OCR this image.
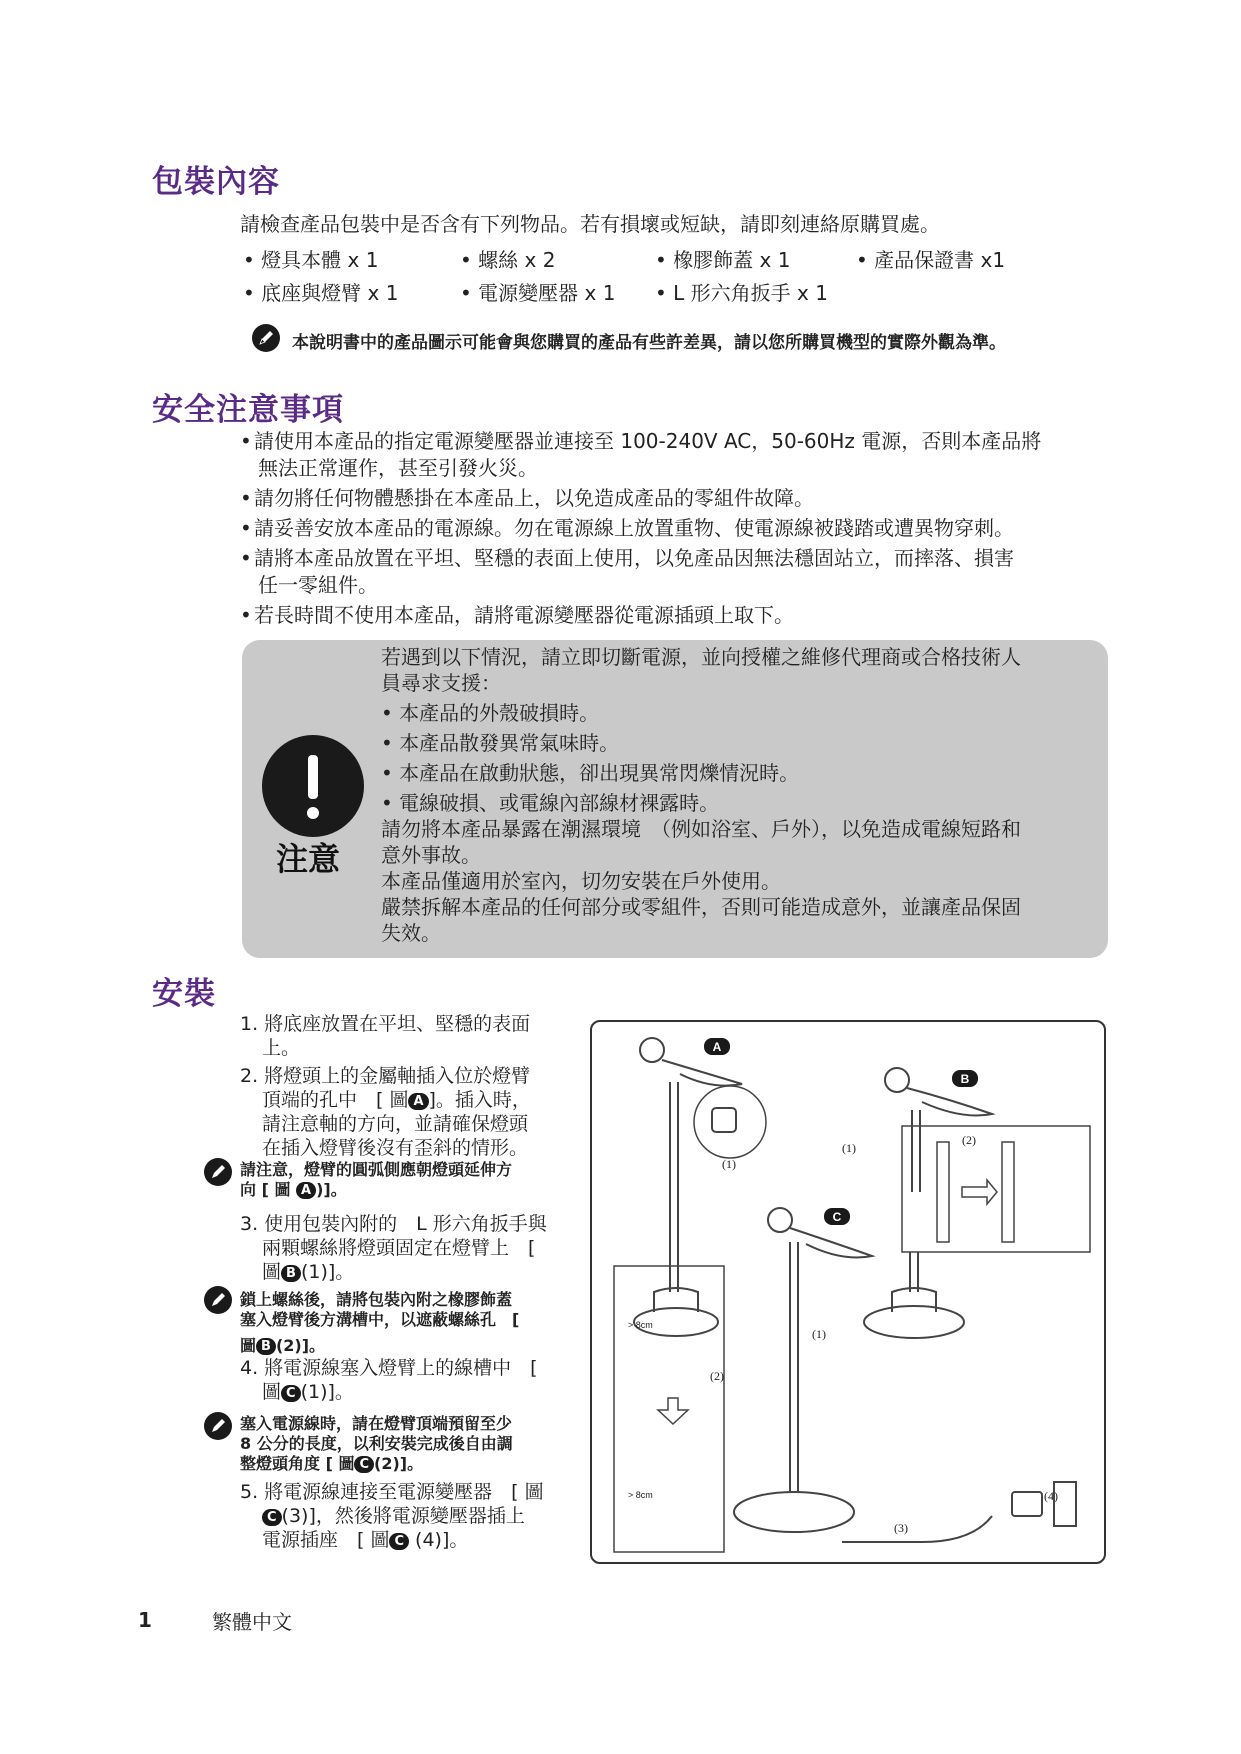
包裝內容
請檢查產品包裝中是否含有下列物品。若有損壞或短缺，請即刻連絡原購買處。
• 燈具本體 x 1	• 螺絲 x 2	• 橡膠飾蓋 x 1	• 產品保證書 x1
• 底座與燈臂 x 1	• 電源變壓器 x 1 • L 形六角扳手 x 1
本說明書中的產品圖示可能會與您購買的產品有些許差異，請以您所購買機型的實際外觀為準。
安全注意事項
• 請使用本產品的指定電源變壓器並連接至 100-240V AC，50-60Hz 電源，否則本產品將
無法正常運作，甚至引發火災。
• 請勿將任何物體懸掛在本產品上，以免造成產品的零組件故障。
• 請妥善安放本產品的電源線。勿在電源線上放置重物、使電源線被踐踏或遭異物穿刺。
• 請將本產品放置在平坦、堅穩的表面上使用，以免產品因無法穩固站立，而摔落、損害
任一零組件。
• 若長時間不使用本產品，請將電源變壓器從電源插頭上取下。
注意
若遇到以下情況，請立即切斷電源，並向授權之維修代理商或合格技術人
員尋求支援：
• 本產品的外殼破損時。
• 本產品散發異常氣味時。
• 本產品在啟動狀態，卻出現異常閃爍情況時。
• 電線破損、或電線內部線材裸露時。
請勿將本產品暴露在潮濕環境　（例如浴室、戶外），以免造成電線短路和
意外事故。
本產品僅適用於室內，切勿安裝在戶外使用。
嚴禁拆解本產品的任何部分或零組件，否則可能造成意外，並讓產品保固
失效。
安裝
1. 將底座放置在平坦、堅穩的表面
上。
2. 將燈頭上的金屬軸插入位於燈臂
頂端的孔中　[ 圖 A ]。插入時，
請注意軸的方向，並請確保燈頭
在插入燈臂後沒有歪斜的情形。
請注意，燈臂的圓弧側應朝燈頭延伸方
向 [ 圖 A )]。
3. 使用包裝內附的　L 形六角扳手與
兩顆螺絲將燈頭固定在燈臂上　[
圖 B (1)]。
鎖上螺絲後，請將包裝內附之橡膠飾蓋
塞入燈臂後方溝槽中，以遮蔽螺絲孔　[
圖 B (2)]。
4. 將電源線塞入燈臂上的線槽中　[
圖 C (1)]。
塞入電源線時，請在燈臂頂端預留至少
8 公分的長度，以利安裝完成後自由調
整燈頭角度 [ 圖 C (2)]。
5. 將電源線連接至電源變壓器　[ 圖
C (3)]，然後將電源變壓器插上
電源插座　[ 圖 C (4)]。
A
(1)
B
(1)
(2)
C
(1)
> 8cm
> 8cm
(2)
(3)
(4)
1	繁體中文
